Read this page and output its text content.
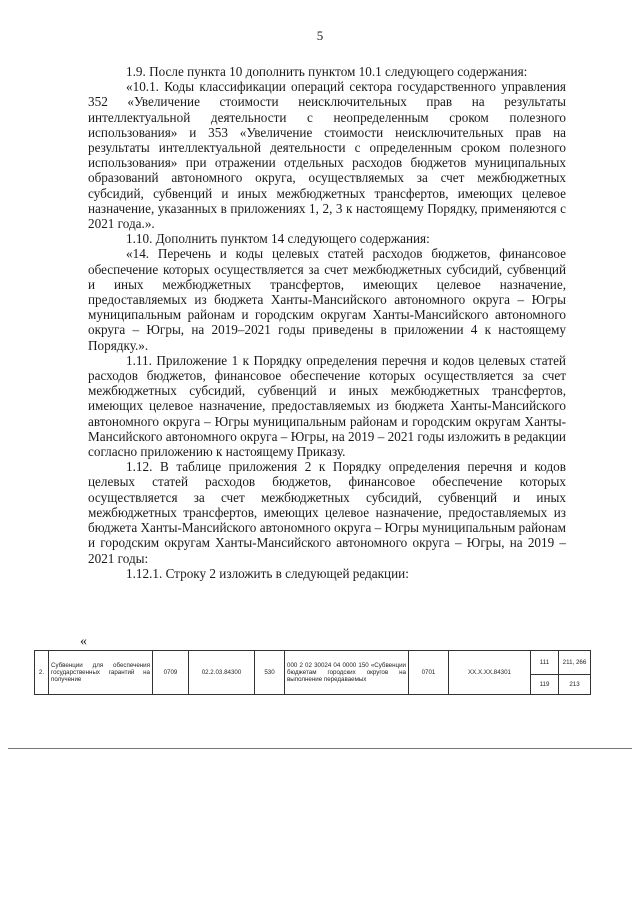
5

1.9. После пункта 10 дополнить пунктом 10.1 следующего содержания:

«10.1. Коды классификации операций сектора государственного управления 352 «Увеличение стоимости неисключительных прав на результаты интеллектуальной деятельности с неопределенным сроком полезного использования» и 353 «Увеличение стоимости неисключительных прав на результаты интеллектуальной деятельности с определенным сроком полезного использования» при отражении отдельных расходов бюджетов муниципальных образований автономного округа, осуществляемых за счет межбюджетных субсидий, субвенций и иных межбюджетных трансфертов, имеющих целевое назначение, указанных в приложениях 1, 2, 3 к настоящему Порядку, применяются с 2021 года.».

1.10. Дополнить пунктом 14 следующего содержания:

«14. Перечень и коды целевых статей расходов бюджетов, финансовое обеспечение которых осуществляется за счет межбюджетных субсидий, субвенций и иных межбюджетных трансфертов, имеющих целевое назначение, предоставляемых из бюджета Ханты-Мансийского автономного округа – Югры муниципальным районам и городским округам Ханты-Мансийского автономного округа – Югры, на 2019–2021 годы приведены в приложении 4 к настоящему Порядку.».

1.11. Приложение 1 к Порядку определения перечня и кодов целевых статей расходов бюджетов, финансовое обеспечение которых осуществляется за счет межбюджетных субсидий, субвенций и иных межбюджетных трансфертов, имеющих целевое назначение, предоставляемых из бюджета Ханты-Мансийского автономного округа – Югры муниципальным районам и городским округам Ханты-Мансийского автономного округа – Югры, на 2019 – 2021 годы изложить в редакции согласно приложению к настоящему Приказу.

1.12. В таблице приложения 2 к Порядку определения перечня и кодов целевых статей расходов бюджетов, финансовое обеспечение которых осуществляется за счет межбюджетных субсидий, субвенций и иных межбюджетных трансфертов, имеющих целевое назначение, предоставляемых из бюджета Ханты-Мансийского автономного округа – Югры муниципальным районам и городским округам Ханты-Мансийского автономного округа – Югры, на 2019 – 2021 годы:

1.12.1. Строку 2 изложить в следующей редакции:

«
2.	Субвенции для обеспечения государственных гарантий на получение	0709	02.2.03.84300	530	000 2 02 30024 04 0000 150 «Субвенции бюджетам городских округов на выполнение передаваемых	0701	ХХ.Х.ХХ.84301	111	211, 266
								119	213
